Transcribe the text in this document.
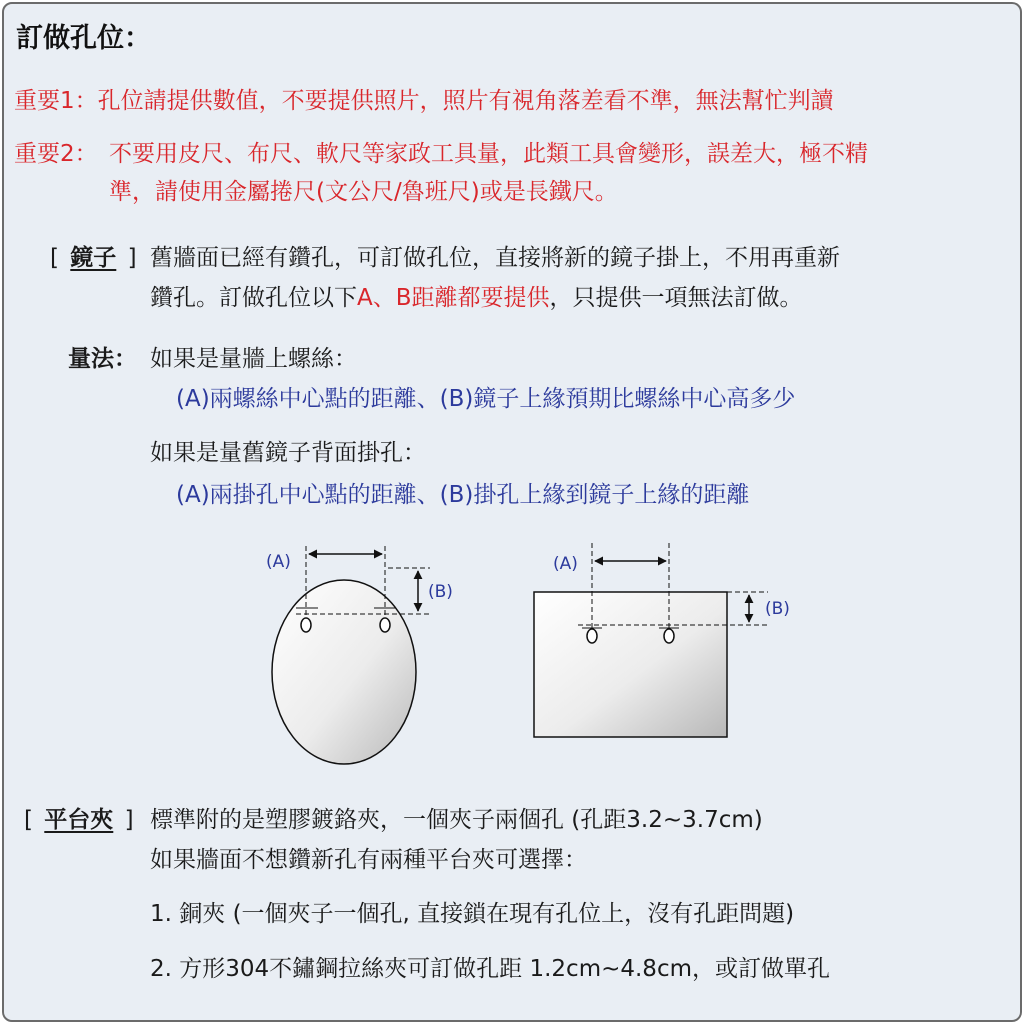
訂做孔位：
重要1：孔位請提供數值，不要提供照片，照片有視角落差看不準，無法幫忙判讀
重要2： 不要用皮尺、布尺、軟尺等家政工具量，此類工具會變形，誤差大，極不精
準，請使用金屬捲尺(文公尺/魯班尺)或是長鐵尺。
[ 鏡子 ] 舊牆面已經有鑽孔，可訂做孔位，直接將新的鏡子掛上，不用再重新
鑽孔。訂做孔位以下A、B距離都要提供，只提供一項無法訂做。
量法： 如果是量牆上螺絲：
(A)兩螺絲中心點的距離、(B)鏡子上緣預期比螺絲中心高多少
如果是量舊鏡子背面掛孔：
(A)兩掛孔中心點的距離、(B)掛孔上緣到鏡子上緣的距離
(A)
(B)
(A)
(B)
[ 平台夾 ] 標準附的是塑膠鍍鉻夾，一個夾子兩個孔 (孔距3.2~3.7cm)
如果牆面不想鑽新孔有兩種平台夾可選擇：
1. 銅夾 (一個夾子一個孔, 直接鎖在現有孔位上，沒有孔距問題)
2. 方形304不鏽鋼拉絲夾可訂做孔距 1.2cm~4.8cm，或訂做單孔
